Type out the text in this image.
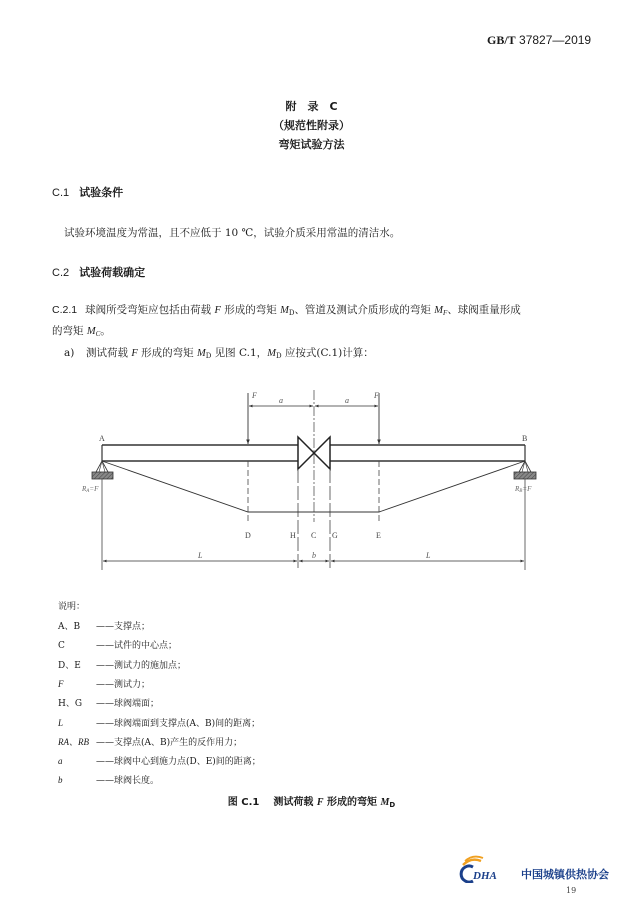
GB/T 37827—2019
附　录　C
（规范性附录）
弯矩试验方法
C.1 试验条件
试验环境温度为常温，且不应低于 10 ℃，试验介质采用常温的清洁水。
C.2 试验荷载确定
C.2.1 球阀所受弯矩应包括由荷载 F 形成的弯矩 $M_D$、管道及测试介质形成的弯矩 $M_F$、球阀重量形成
的弯矩 $M_C$。
a) 测试荷载 F 形成的弯矩 $M_D$ 见图 C.1，$M_D$ 应按式(C.1)计算：
F	F
a	a
A	B
RA=F	RB=F
D	H C G	E
L	b	L
说明：
A、B ——支撑点；
C	——试件的中心点；
D、E ——测试力的施加点；
F	——测试力；
H、G ——球阀端面；
L	——球阀端面到支撑点(A、B)间的距离；
RA、RB ——支撑点(A、B)产生的反作用力；
a	——球阀中心到施力点(D、E)间的距离；
b	——球阀长度。
图 C.1 测试荷载 F 形成的弯矩 $M_D$
DHA 中国城镇供热协会
19
